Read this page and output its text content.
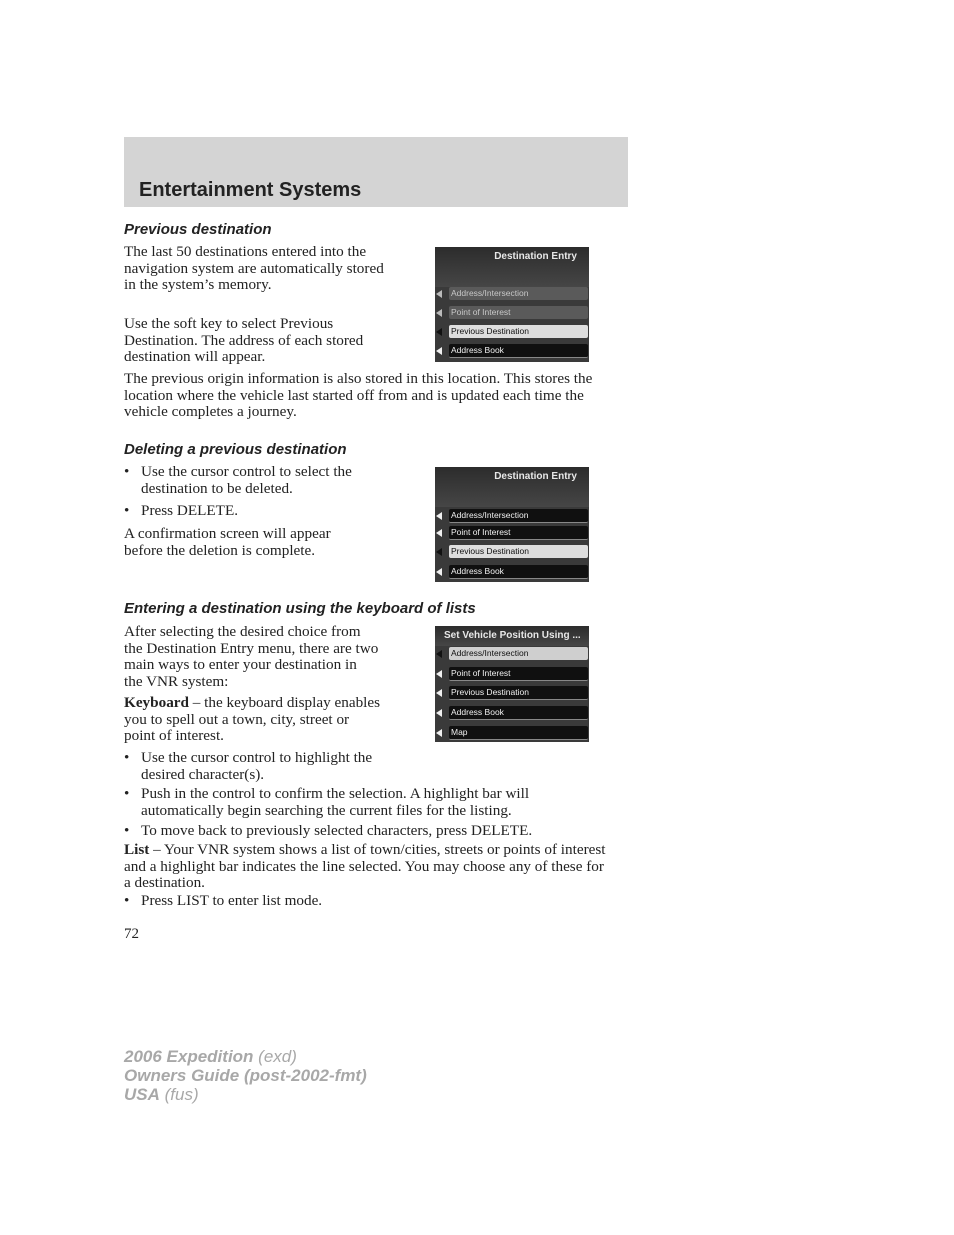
Entertainment Systems
Previous destination

The last 50 destinations entered into the navigation system are automatically stored in the system’s memory.

Use the soft key to select Previous Destination. The address of each stored destination will appear.

The previous origin information is also stored in this location. This stores the location where the vehicle last started off from and is updated each time the vehicle completes a journey.

Destination Entry
Address/Intersection
Point of Interest
Previous Destination
Address Book
Deleting a previous destination
• Use the cursor control to select the destination to be deleted.
• Press DELETE.

A confirmation screen will appear before the deletion is complete.

Destination Entry
Address/Intersection
Point of Interest
Previous Destination
Address Book
Entering a destination using the keyboard of lists

After selecting the desired choice from the Destination Entry menu, there are two main ways to enter your destination in the VNR system:

Keyboard – the keyboard display enables you to spell out a town, city, street or point of interest.

• Use the cursor control to highlight the desired character(s).
• Push in the control to confirm the selection. A highlight bar will automatically begin searching the current files for the listing.
• To move back to previously selected characters, press DELETE.

List – Your VNR system shows a list of town/cities, streets or points of interest and a highlight bar indicates the line selected. You may choose any of these for a destination.

• Press LIST to enter list mode.
Set Vehicle Position Using ...
Address/Intersection
Point of Interest
Previous Destination
Address Book
Map
72
2006 Expedition (exd)
Owners Guide (post-2002-fmt)
USA (fus)
